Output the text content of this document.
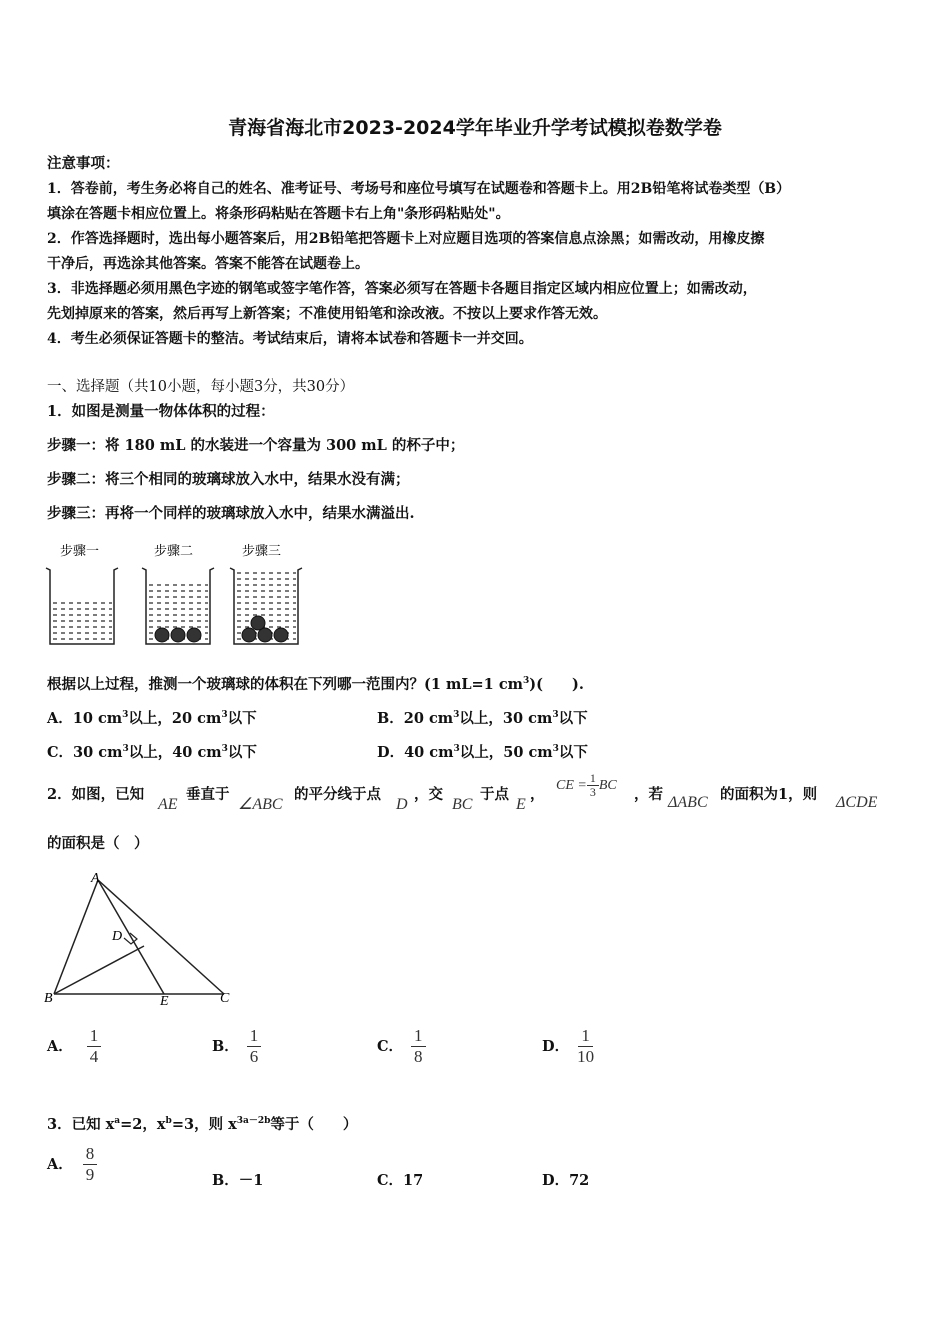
青海省海北市2023-2024学年毕业升学考试模拟卷数学卷
注意事项：
1．答卷前，考生务必将自己的姓名、准考证号、考场号和座位号填写在试题卷和答题卡上。用2B铅笔将试卷类型（B）
填涂在答题卡相应位置上。将条形码粘贴在答题卡右上角"条形码粘贴处"。
2．作答选择题时，选出每小题答案后，用2B铅笔把答题卡上对应题目选项的答案信息点涂黑；如需改动，用橡皮擦
干净后，再选涂其他答案。答案不能答在试题卷上。
3．非选择题必须用黑色字迹的钢笔或签字笔作答，答案必须写在答题卡各题目指定区域内相应位置上；如需改动，
先划掉原来的答案，然后再写上新答案；不准使用铅笔和涂改液。不按以上要求作答无效。
4．考生必须保证答题卡的整洁。考试结束后，请将本试卷和答题卡一并交回。
一、选择题（共10小题，每小题3分，共30分）
1．如图是测量一物体体积的过程：
步骤一：将 180 mL 的水装进一个容量为 300 mL 的杯子中；
步骤二：将三个相同的玻璃球放入水中，结果水没有满；
步骤三：再将一个同样的玻璃球放入水中，结果水满溢出.
步骤一	步骤二	步骤三
根据以上过程，推测一个玻璃球的体积在下列哪一范围内？(1 mL=1 $cm^3$)(　　).
A．10 $cm^3$以上，20 $cm^3$以下	B．20 $cm^3$以上，30 $cm^3$以下
C．30 $cm^3$以上，40 $cm^3$以下	D．40 $cm^3$以上，50 $cm^3$以下
2．如图，已知
AE
垂直于
∠ABC
的平分线于点
D
，交
BC
于点
E
，
CE = $\frac{1}{3}$ BC
，若 ΔABC 的面积为1，则 ΔCDE
的面积是（　）
A
D
B	E	C
A． $\frac{1}{4}$	B． $\frac{1}{6}$	C． $\frac{1}{8}$	D． $\frac{1}{10}$
3．已知 $x^a=2$，$x^b=3$，则 $x^{3a-2b}$等于（　　）
A． $\frac{8}{9}$	B．－1	C．17	D．72
